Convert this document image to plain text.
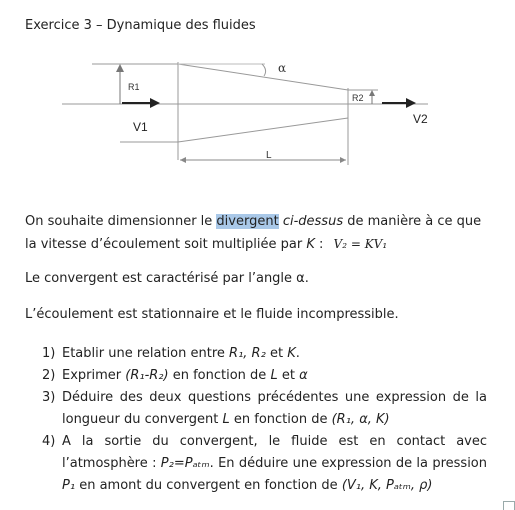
Exercice 3 – Dynamique des fluides
R1
V1
R2
V2
α
L
On souhaite dimensionner le divergent ci-dessus de manière à ce que
la vitesse d’écoulement soit multipliée par K : V₂ = KV₁
Le convergent est caractérisé par l’angle α.
L’écoulement est stationnaire et le fluide incompressible.
1) Etablir une relation entre R₁, R₂ et K.
2) Exprimer (R₁-R₂) en fonction de L et α
3) Déduire des deux questions précédentes une expression de la longueur du convergent L en fonction de (R₁, α, K)
4) A la sortie du convergent, le fluide est en contact avec l’atmosphère : P₂=Pₐₜₘ. En déduire une expression de la pression P₁ en amont du convergent en fonction de (V₁, K, Pₐₜₘ, ρ)
